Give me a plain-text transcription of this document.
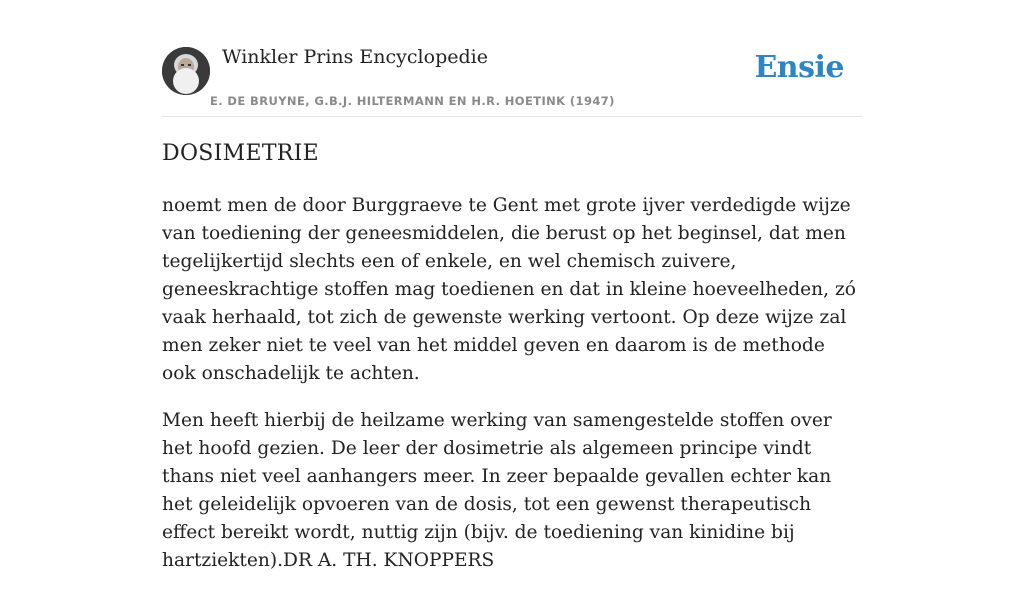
Winkler Prins Encyclopedie
E. DE BRUYNE, G.B.J. HILTERMANN EN H.R. HOETINK (1947)
Ensie
DOSIMETRIE

noemt men de door Burggraeve te Gent met grote ijver verdedigde wijze van toediening der geneesmiddelen, die berust op het beginsel, dat men tegelijkertijd slechts een of enkele, en wel chemisch zuivere, geneeskrachtige stoffen mag toedienen en dat in kleine hoeveelheden, zó vaak herhaald, tot zich de gewenste werking vertoont. Op deze wijze zal men zeker niet te veel van het middel geven en daarom is de methode ook onschadelijk te achten.

Men heeft hierbij de heilzame werking van samengestelde stoffen over het hoofd gezien. De leer der dosimetrie als algemeen principe vindt thans niet veel aanhangers meer. In zeer bepaalde gevallen echter kan het geleidelijk opvoeren van de dosis, tot een gewenst therapeutisch effect bereikt wordt, nuttig zijn (bijv. de toediening van kinidine bij hartziekten).DR A. TH. KNOPPERS
